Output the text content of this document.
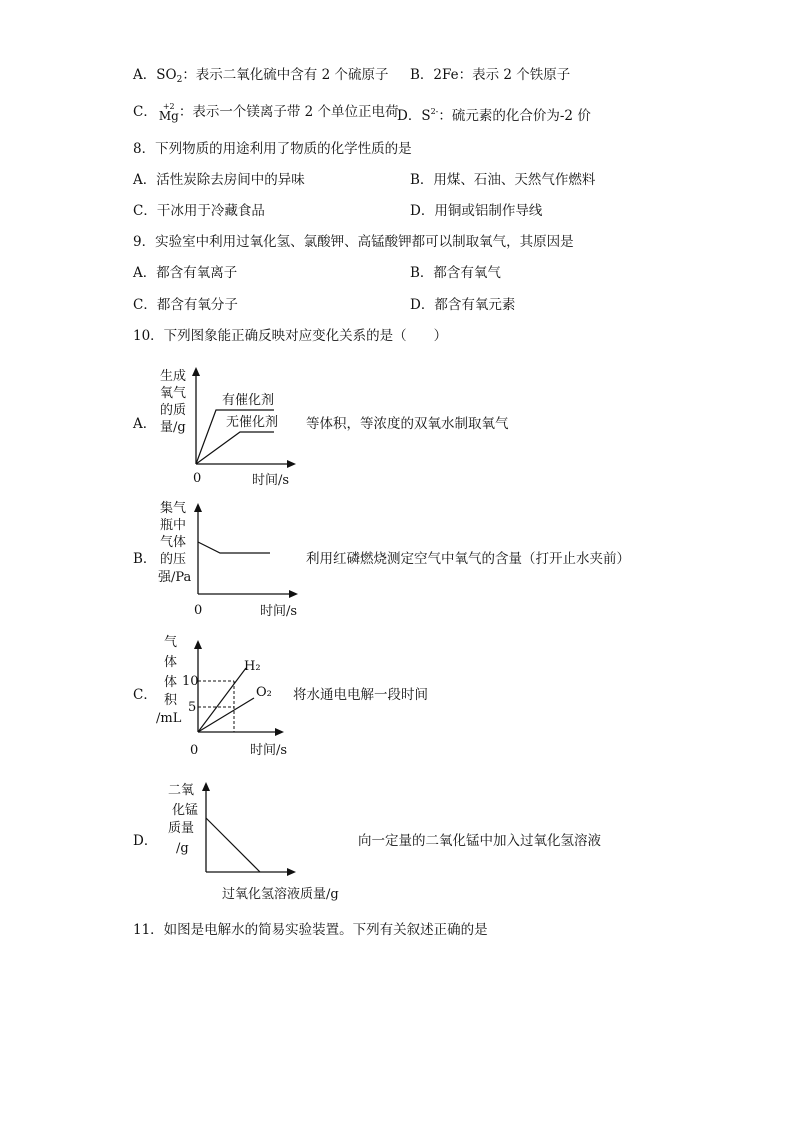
A．$SO_2$：表示二氧化硫中含有 2 个硫原子 B．2Fe：表示 2 个铁原子
C． +2
Mg ：表示一个镁离子带 2 个单位正电荷
D．$S^{2-}$：硫元素的化合价为-2 价
8．下列物质的用途利用了物质的化学性质的是
A．活性炭除去房间中的异味	B．用煤、石油、天然气作燃料
C．干冰用于冷藏食品	D．用铜或铝制作导线
9．实验室中利用过氧化氢、氯酸钾、高锰酸钾都可以制取氧气，其原因是
A．都含有氧离子	B．都含有氧气
C．都含有氧分子	D．都含有氧元素
10．下列图象能正确反映对应变化关系的是（　　）
A．
生成
氧气
的质
量/g
有催化剂
无催化剂
0	时间/s
等体积，等浓度的双氧水制取氧气
B．
集气
瓶中
气体
的压
强/Pa
0	时间/s
利用红磷燃烧测定空气中氧气的含量（打开止水夹前）
C．
气
体
体
积
/mL
10
5
H₂
O₂
0	时间/s
将水通电电解一段时间
D．
二氧
化锰
质量
/g
过氧化氢溶液质量/g
向一定量的二氧化锰中加入过氧化氢溶液
11．如图是电解水的简易实验装置。下列有关叙述正确的是
